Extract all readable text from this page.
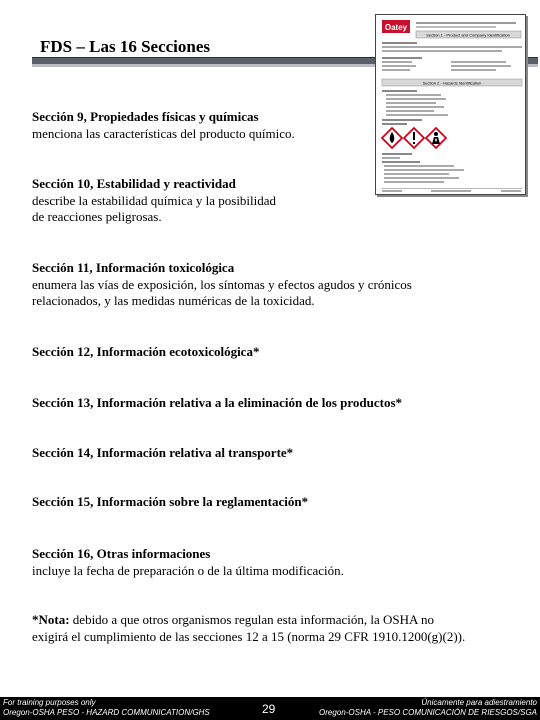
FDS – Las 16 Secciones
Oatey
Section 1 - Product and Company Identification
Section 2 - Hazards Identification
Sección 9, Propiedades físicas y químicas
menciona las características del producto químico.
Sección 10, Estabilidad y reactividad
describe la estabilidad química y la posibilidad
de reacciones peligrosas.
Sección 11, Información toxicológica
enumera las vías de exposición, los síntomas y efectos agudos y crónicos
relacionados, y las medidas numéricas de la toxicidad.
Sección 12, Información ecotoxicológica*
Sección 13, Información relativa a la eliminación de los productos*
Sección 14, Información relativa al transporte*
Sección 15, Información sobre la reglamentación*
Sección 16, Otras informaciones
incluye la fecha de preparación o de la última modificación.
*Nota: debido a que otros organismos regulan esta información, la OSHA no
exigirá el cumplimiento de las secciones 12 a 15 (norma 29 CFR 1910.1200(g)(2)).
For training purposes only
Oregon-OSHA PESO - HAZARD COMMUNICATION/GHS	29	Únicamente para adiestramiento
Oregon-OSHA - PESO COMUNICACIÓN DE RIESGOS/SGA
